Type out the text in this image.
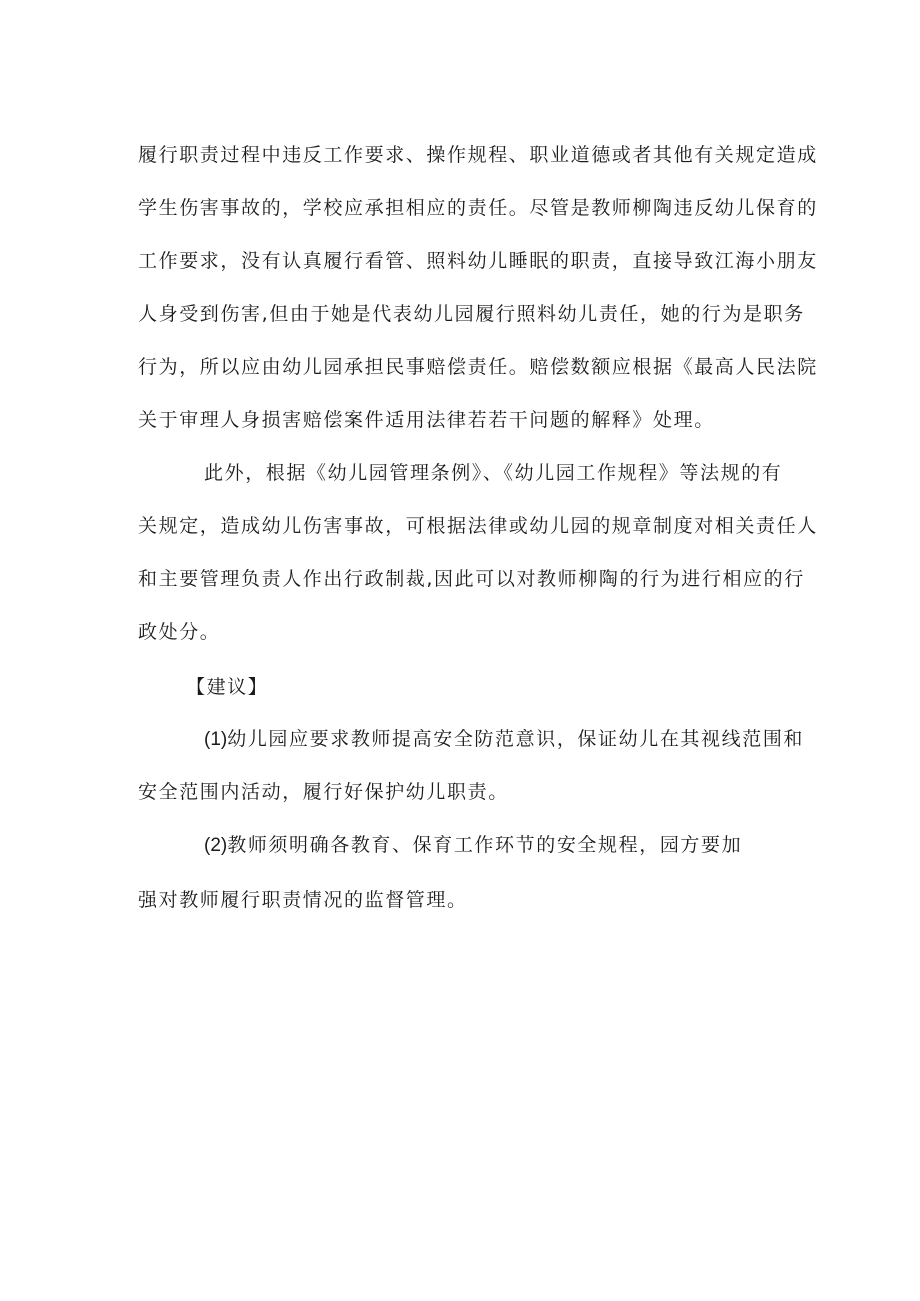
履行职责过程中违反工作要求、操作规程、职业道德或者其他有关规定造成
学生伤害事故的，学校应承担相应的责任。尽管是教师柳陶违反幼儿保育的
工作要求，没有认真履行看管、照料幼儿睡眠的职责，直接导致江海小朋友
人身受到伤害,但由于她是代表幼儿园履行照料幼儿责任，她的行为是职务
行为，所以应由幼儿园承担民事赔偿责任。赔偿数额应根据《最高人民法院
关于审理人身损害赔偿案件适用法律若若干问题的解释》处理。
此外，根据《幼儿园管理条例》、《幼儿园工作规程》等法规的有
关规定，造成幼儿伤害事故，可根据法律或幼儿园的规章制度对相关责任人
和主要管理负责人作出行政制裁,因此可以对教师柳陶的行为进行相应的行
政处分。
【建议】
(1)幼儿园应要求教师提高安全防范意识，保证幼儿在其视线范围和
安全范围内活动，履行好保护幼儿职责。
(2)教师须明确各教育、保育工作环节的安全规程，园方要加
强对教师履行职责情况的监督管理。
